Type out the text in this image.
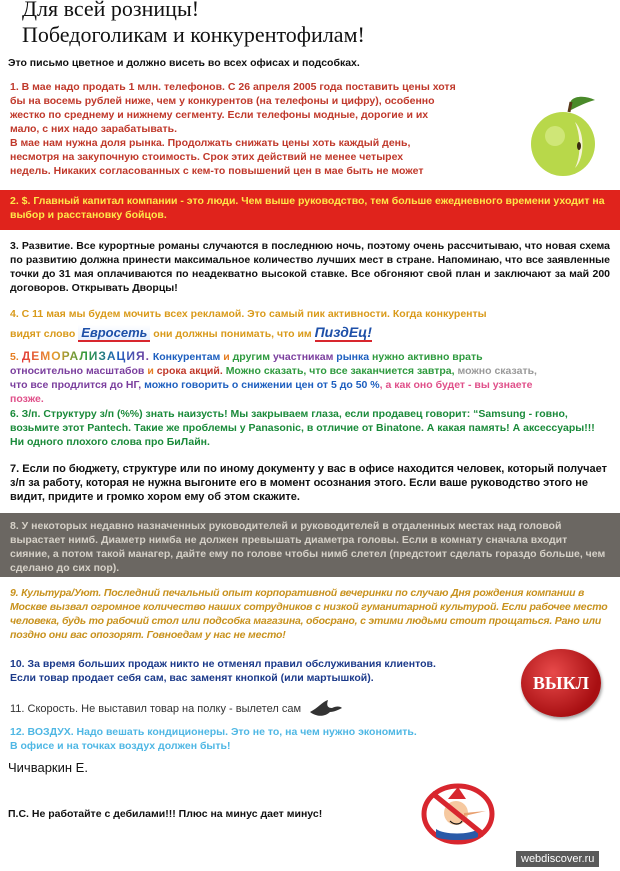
Для всей розницы!
Победоголикам и конкурентофилам!
Это письмо цветное и должно висеть во всех офисах и подсобках.
1. В мае надо продать 1 млн. телефонов. С 26 апреля 2005 года поставить цены хотя
бы на восемь рублей ниже, чем у конкурентов (на телефоны и цифру), особенно
жестко по среднему и нижнему сегменту. Если телефоны модные, дорогие и их
мало, с них надо зарабатывать.
В мае нам нужна доля рынка. Продолжать снижать цены хоть каждый день,
несмотря на закупочную стоимость. Срок этих действий не менее четырех
недель. Никаких согласованных с кем-то повышений цен в мае быть не может
2. $. Главный капитал компании - это люди. Чем выше руководство, тем больше ежедневного времени уходит на выбор и расстановку бойцов.
3. Развитие. Все курортные романы случаются в последнюю ночь, поэтому очень рассчитываю, что новая схема по развитию должна принести максимальное количество лучших мест в стране. Напоминаю, что все заявленные точки до 31 мая оплачиваются по неадекватно высокой ставке. Все обгоняют свой план и заключают за май 200 договоров. Открывать Дворцы!
4. С 11 мая мы будем мочить всех рекламой. Это самый пик активности. Когда конкуренты
видят слово Евросеть они должны понимать, что им ПиздЕц!
5. ДЕМОРАЛИЗАЦИЯ. Конкурентам и другим участникам рынка нужно активно врать
относительно масштабов и срока акций. Можно сказать, что все заканчиется завтра, можно сказать,
что все продлится до НГ, можно говорить о снижении цен от 5 до 50 %, а как оно будет - вы узнаете
позже.
6. З/п. Структуру з/п (%%) знать наизусть! Мы закрываем глаза, если продавец говорит: “Samsung - говно, возьмите этот Pantech. Такие же проблемы у Panasonic, в отличие от Binatone. А какая память! А аксессуары!!! Ни одного плохого слова про БиЛайн.
7. Если по бюджету, структуре или по иному документу у вас в офисе находится человек, который получает з/п за работу, которая не нужна выгоните его в момент осознания этого. Если ваше руководство этого не видит, придите и громко хором ему об этом скажите.
8. У некоторых недавно назначенных руководителей и руководителей в отдаленных местах над головой вырастает нимб. Диаметр нимба не должен превышать диаметра головы. Если в комнату сначала входит сияние, а потом такой манагер, дайте ему по голове чтобы нимб слетел (предстоит сделать гораздо больше, чем сделано до сих пор).
9. Культура/Уют. Последний печальный опыт корпоративной вечеринки по случаю Дня рождения компании в Москве вызвал огромное количество наших сотрудников с низкой гуманитарной культурой. Если рабочее место человека, будь то рабочий стол или подсобка магазина, обосрано, с этими людьми стоит прощаться. Рано или поздно они вас опозорят. Говноедам у нас не место!
10. За время больших продаж никто не отменял правил обслуживания клиентов.
Если товар продает себя сам, вас заменят кнопкой (или мартышкой).	ВЫКЛ
11. Скорость. Не выставил товар на полку - вылетел сам
12. ВОЗДУХ. Надо вешать кондиционеры. Это не то, на чем нужно экономить.
В офисе и на точках воздух должен быть!
Чичваркин Е.
П.С. Не работайте с дебилами!!! Плюс на минус дает минус!
webdiscover.ru
